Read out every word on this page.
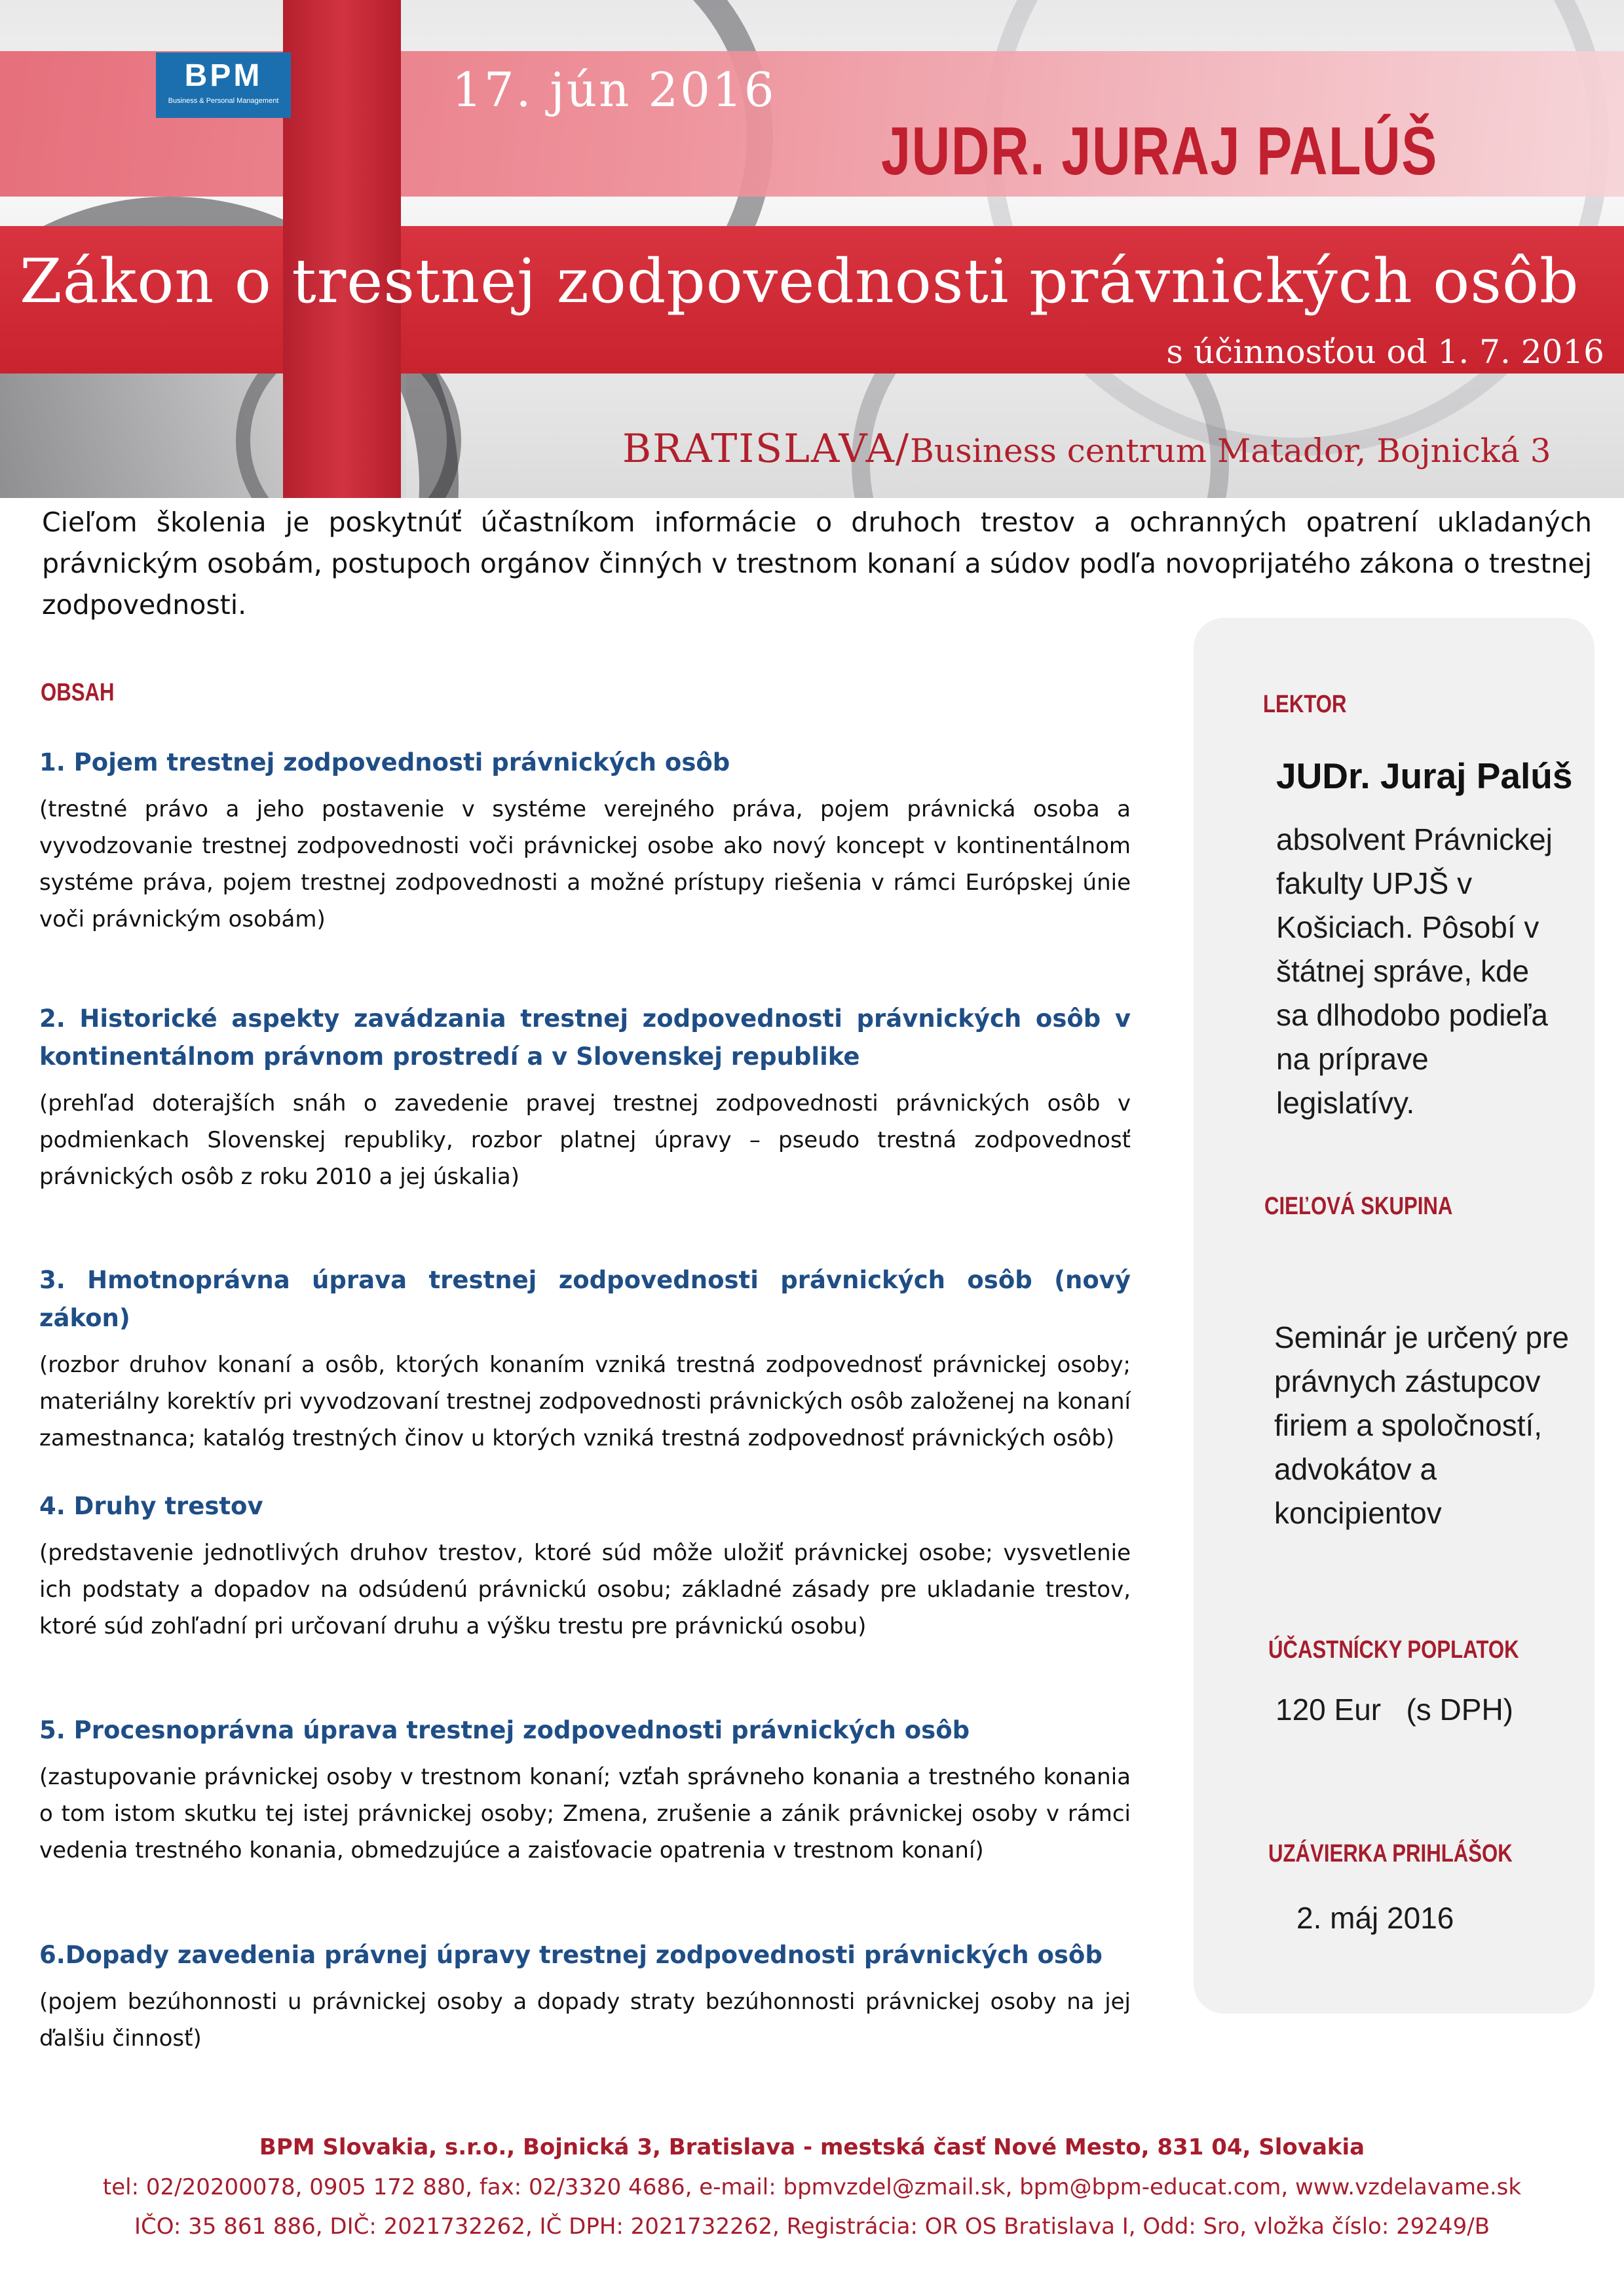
BPM
Business & Personal Management	17. jún 2016
JUDR. JURAJ PALÚŠ
Zákon o trestnej zodpovednosti právnických osôb
s účinnosťou od 1. 7. 2016
BRATISLAVA/Business centrum Matador, Bojnická 3
Cieľom školenia je poskytnúť účastníkom informácie o druhoch trestov a ochranných opatrení ukladaných právnickým osobám, postupoch orgánov činných v trestnom konaní a súdov podľa novoprijatého zákona o trestnej zodpovednosti.
OBSAH
1. Pojem trestnej zodpovednosti právnických osôb
(trestné právo a jeho postavenie v systéme verejného práva, pojem právnická osoba a vyvodzovanie trestnej zodpovednosti voči právnickej osobe ako nový koncept v kontinentálnom systéme práva, pojem trestnej zodpovednosti a možné prístupy riešenia v rámci Európskej únie voči právnickým osobám)
2. Historické aspekty zavádzania trestnej zodpovednosti právnických osôb v kontinentálnom právnom prostredí a v Slovenskej republike
(prehľad doterajších snáh o zavedenie pravej trestnej zodpovednosti právnických osôb v podmienkach Slovenskej republiky, rozbor platnej úpravy – pseudo trestná zodpovednosť právnických osôb z roku 2010 a jej úskalia)
3. Hmotnoprávna úprava trestnej zodpovednosti právnických osôb (nový zákon)
(rozbor druhov konaní a osôb, ktorých konaním vzniká trestná zodpovednosť právnickej osoby; materiálny korektív pri vyvodzovaní trestnej zodpovednosti právnických osôb založenej na konaní zamestnanca; katalóg trestných činov u ktorých vzniká trestná zodpovednosť právnických osôb)
4. Druhy trestov
(predstavenie jednotlivých druhov trestov, ktoré súd môže uložiť právnickej osobe; vysvetlenie ich podstaty a dopadov na odsúdenú právnickú osobu; základné zásady pre ukladanie trestov, ktoré súd zohľadní pri určovaní druhu a výšku trestu pre právnickú osobu)
5. Procesnoprávna úprava trestnej zodpovednosti právnických osôb
(zastupovanie právnickej osoby v trestnom konaní; vzťah správneho konania a trestného konania o tom istom skutku tej istej právnickej osoby; Zmena, zrušenie a zánik právnickej osoby v rámci vedenia trestného konania, obmedzujúce a zaisťovacie opatrenia v trestnom konaní)
6.Dopady zavedenia právnej úpravy trestnej zodpovednosti právnických osôb
(pojem bezúhonnosti u právnickej osoby a dopady straty bezúhonnosti právnickej osoby na jej ďalšiu činnosť)
LEKTOR
JUDr. Juraj Palúš
absolvent Právnickej fakulty UPJŠ v Košiciach. Pôsobí v štátnej správe, kde sa dlhodobo podieľa na príprave legislatívy.
CIEĽOVÁ SKUPINA
Seminár je určený pre právnych zástupcov firiem a spoločností, advokátov a koncipientov
ÚČASTNÍCKY POPLATOK
120 Eur   (s DPH)
UZÁVIERKA PRIHLÁŠOK
2. máj 2016
BPM Slovakia, s.r.o., Bojnická 3, Bratislava - mestská časť Nové Mesto, 831 04, Slovakia
tel: 02/20200078, 0905 172 880, fax: 02/3320 4686, e-mail: bpmvzdel@zmail.sk, bpm@bpm-educat.com, www.vzdelavame.sk
IČO: 35 861 886, DIČ: 2021732262, IČ DPH: 2021732262, Registrácia: OR OS Bratislava I, Odd: Sro, vložka číslo: 29249/B
